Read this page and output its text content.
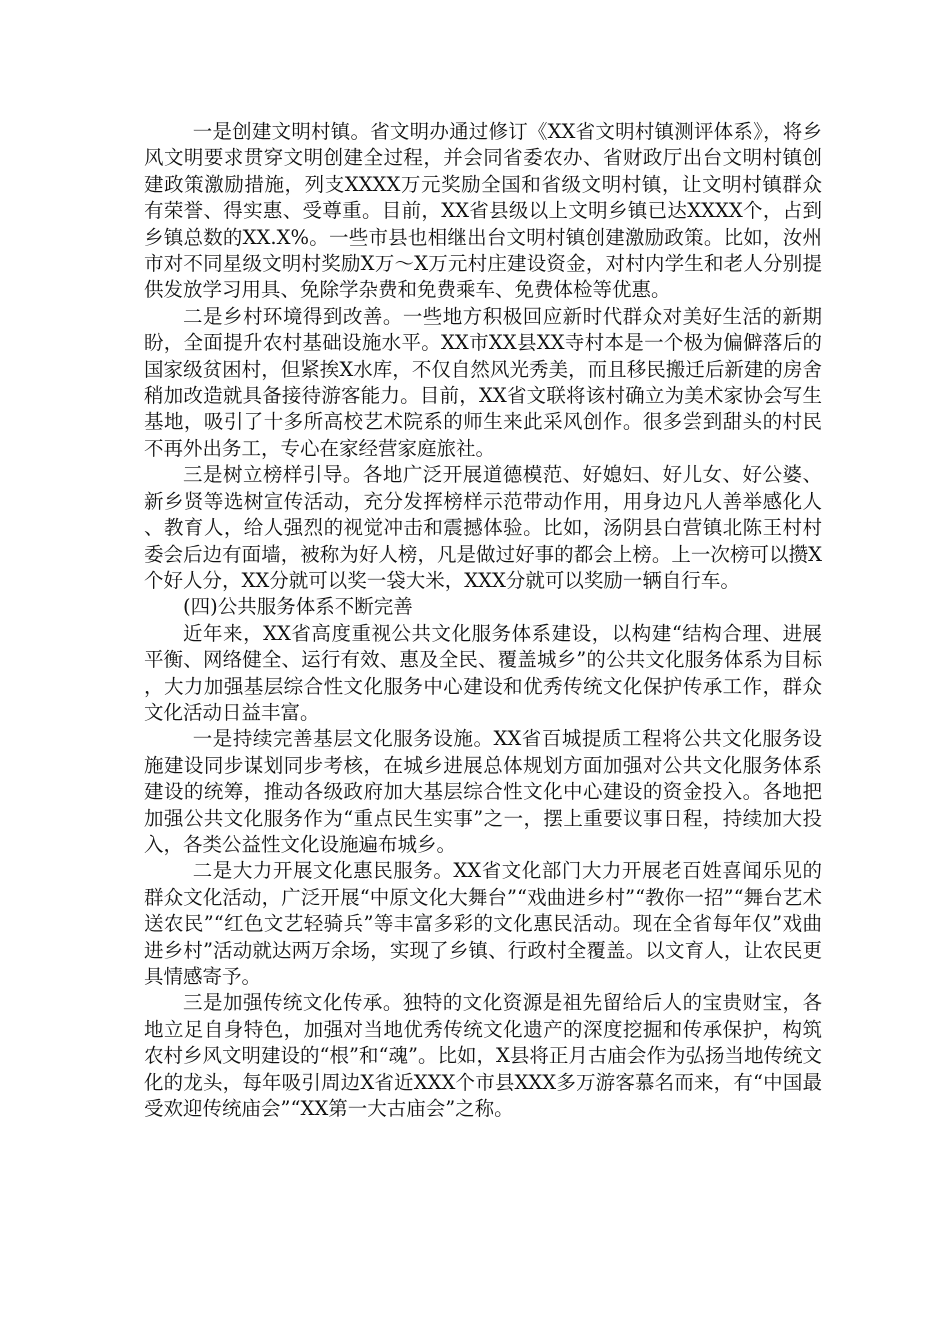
一是创建文明村镇。省文明办通过修订《XX省文明村镇测评体系》，将乡风文明要求贯穿文明创建全过程，并会同省委农办、省财政厅出台文明村镇创建政策激励措施，列支XXXX万元奖励全国和省级文明村镇，让文明村镇群众有荣誉、得实惠、受尊重。目前，XX省县级以上文明乡镇已达XXXX个，占到乡镇总数的XX.X%。一些市县也相继出台文明村镇创建激励政策。比如，汝州市对不同星级文明村奖励X万～X万元村庄建设资金，对村内学生和老人分别提供发放学习用具、免除学杂费和免费乘车、免费体检等优惠。

二是乡村环境得到改善。一些地方积极回应新时代群众对美好生活的新期盼，全面提升农村基础设施水平。XX市XX县XX寺村本是一个极为偏僻落后的国家级贫困村，但紧挨X水库，不仅自然风光秀美，而且移民搬迁后新建的房舍稍加改造就具备接待游客能力。目前，XX省文联将该村确立为美术家协会写生基地，吸引了十多所高校艺术院系的师生来此采风创作。很多尝到甜头的村民不再外出务工，专心在家经营家庭旅社。

三是树立榜样引导。各地广泛开展道德模范、好媳妇、好儿女、好公婆、新乡贤等选树宣传活动，充分发挥榜样示范带动作用，用身边凡人善举感化人、教育人，给人强烈的视觉冲击和震撼体验。比如，汤阴县白营镇北陈王村村委会后边有面墙，被称为好人榜，凡是做过好事的都会上榜。上一次榜可以攒X个好人分，XX分就可以奖一袋大米，XXX分就可以奖励一辆自行车。

(四)公共服务体系不断完善

近年来，XX省高度重视公共文化服务体系建设，以构建“结构合理、进展平衡、网络健全、运行有效、惠及全民、覆盖城乡”的公共文化服务体系为目标，大力加强基层综合性文化服务中心建设和优秀传统文化保护传承工作，群众文化活动日益丰富。

一是持续完善基层文化服务设施。XX省百城提质工程将公共文化服务设施建设同步谋划同步考核，在城乡进展总体规划方面加强对公共文化服务体系建设的统筹，推动各级政府加大基层综合性文化中心建设的资金投入。各地把加强公共文化服务作为“重点民生实事”之一，摆上重要议事日程，持续加大投入，各类公益性文化设施遍布城乡。

二是大力开展文化惠民服务。XX省文化部门大力开展老百姓喜闻乐见的群众文化活动，广泛开展“中原文化大舞台”“戏曲进乡村”“教你一招”“舞台艺术送农民”“红色文艺轻骑兵”等丰富多彩的文化惠民活动。现在全省每年仅”戏曲进乡村”活动就达两万余场，实现了乡镇、行政村全覆盖。以文育人，让农民更具情感寄予。

三是加强传统文化传承。独特的文化资源是祖先留给后人的宝贵财宝，各地立足自身特色，加强对当地优秀传统文化遗产的深度挖掘和传承保护，构筑农村乡风文明建设的“根”和“魂”。比如，X县将正月古庙会作为弘扬当地传统文化的龙头，每年吸引周边X省近XXX个市县XXX多万游客慕名而来，有“中国最受欢迎传统庙会”“XX第一大古庙会”之称。
